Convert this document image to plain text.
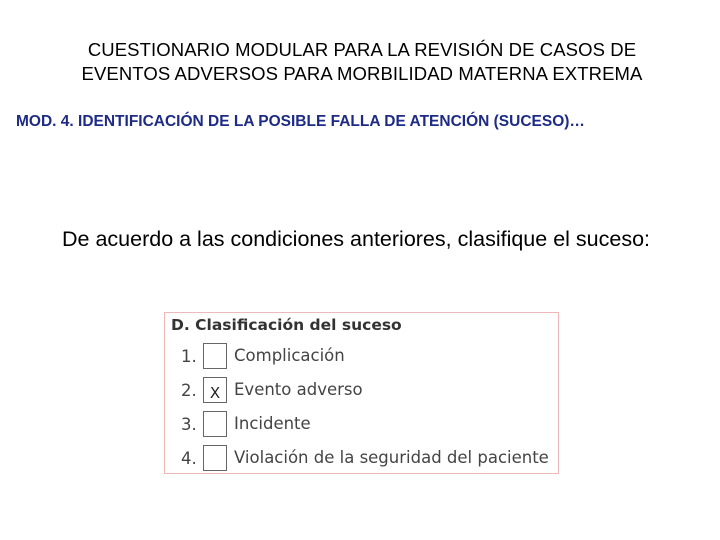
CUESTIONARIO MODULAR PARA LA REVISIÓN DE CASOS DE
EVENTOS ADVERSOS PARA MORBILIDAD MATERNA EXTREMA
MOD. 4. IDENTIFICACIÓN DE LA POSIBLE FALLA DE ATENCIÓN (SUCESO)…
De acuerdo a las condiciones anteriores, clasifique el suceso:
D. Clasificación del suceso
1.	Complicación
2. X Evento adverso
3.	Incidente
4.	Violación de la seguridad del paciente
